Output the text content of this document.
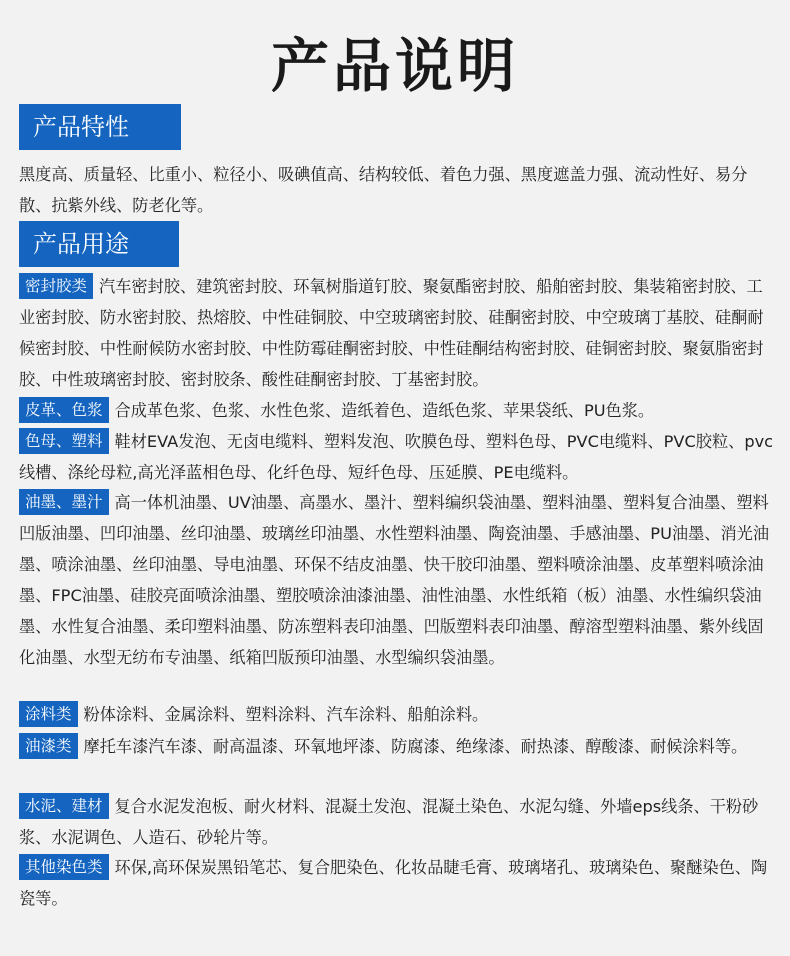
产品说明
产品特性
黑度高、质量轻、比重小、粒径小、吸碘值高、结构较低、着色力强、黑度遮盖力强、流动性好、易分散、抗紫外线、防老化等。
产品用途
密封胶类 汽车密封胶、建筑密封胶、环氧树脂道钉胶、聚氨酯密封胶、船舶密封胶、集装箱密封胶、工业密封胶、防水密封胶、热熔胶、中性硅铜胶、中空玻璃密封胶、硅酮密封胶、中空玻璃丁基胶、硅酮耐候密封胶、中性耐候防水密封胶、中性防霉硅酮密封胶、中性硅酮结构密封胶、硅铜密封胶、聚氨脂密封胶、中性玻璃密封胶、密封胶条、酸性硅酮密封胶、丁基密封胶。
皮革、色浆 合成革色浆、色浆、水性色浆、造纸着色、造纸色浆、苹果袋纸、PU色浆。
色母、塑料 鞋材EVA发泡、无卤电缆料、塑料发泡、吹膜色母、塑料色母、PVC电缆料、PVC胶粒、pvc线槽、涤纶母粒,高光泽蓝相色母、化纤色母、短纤色母、压延膜、PE电缆料。
油墨、墨汁 高一体机油墨、UV油墨、高墨水、墨汁、塑料编织袋油墨、塑料油墨、塑料复合油墨、塑料凹版油墨、凹印油墨、丝印油墨、玻璃丝印油墨、水性塑料油墨、陶瓷油墨、手感油墨、PU油墨、消光油墨、喷涂油墨、丝印油墨、导电油墨、环保不结皮油墨、快干胶印油墨、塑料喷涂油墨、皮革塑料喷涂油墨、FPC油墨、硅胶亮面喷涂油墨、塑胶喷涂油漆油墨、油性油墨、水性纸箱（板）油墨、水性编织袋油墨、水性复合油墨、柔印塑料油墨、防冻塑料表印油墨、凹版塑料表印油墨、醇溶型塑料油墨、紫外线固化油墨、水型无纺布专油墨、纸箱凹版预印油墨、水型编织袋油墨。
涂料类 粉体涂料、金属涂料、塑料涂料、汽车涂料、船舶涂料。
油漆类 摩托车漆汽车漆、耐高温漆、环氧地坪漆、防腐漆、绝缘漆、耐热漆、醇酸漆、耐候涂料等。
水泥、建材 复合水泥发泡板、耐火材料、混凝土发泡、混凝土染色、水泥勾缝、外墙eps线条、干粉砂浆、水泥调色、人造石、砂轮片等。
其他染色类 环保,高环保炭黑铅笔芯、复合肥染色、化妆品睫毛膏、玻璃堵孔、玻璃染色、聚醚染色、陶瓷等。
